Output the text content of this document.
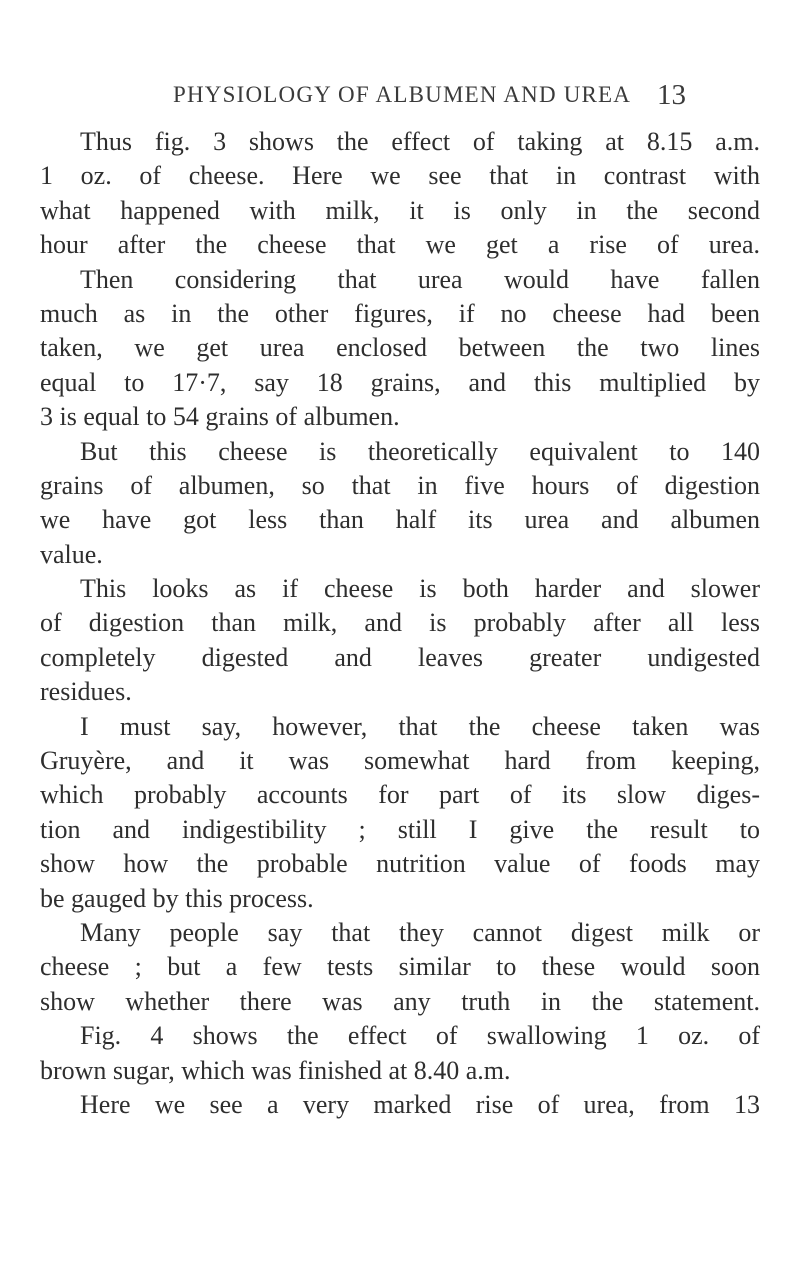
PHYSIOLOGY OF ALBUMEN AND UREA 13
Thus fig. 3 shows the effect of taking at 8.15 a.m.
1 oz. of cheese. Here we see that in contrast with
what happened with milk, it is only in the second
hour after the cheese that we get a rise of urea.
Then considering that urea would have fallen
much as in the other figures, if no cheese had been
taken, we get urea enclosed between the two lines
equal to 17·7, say 18 grains, and this multiplied by
3 is equal to 54 grains of albumen.
But this cheese is theoretically equivalent to 140
grains of albumen, so that in five hours of digestion
we have got less than half its urea and albumen
value.
This looks as if cheese is both harder and slower
of digestion than milk, and is probably after all less
completely digested and leaves greater undigested
residues.
I must say, however, that the cheese taken was
Gruyère, and it was somewhat hard from keeping,
which probably accounts for part of its slow diges-
tion and indigestibility ; still I give the result to
show how the probable nutrition value of foods may
be gauged by this process.
Many people say that they cannot digest milk or
cheese ; but a few tests similar to these would soon
show whether there was any truth in the statement.
Fig. 4 shows the effect of swallowing 1 oz. of
brown sugar, which was finished at 8.40 a.m.
Here we see a very marked rise of urea, from 13
